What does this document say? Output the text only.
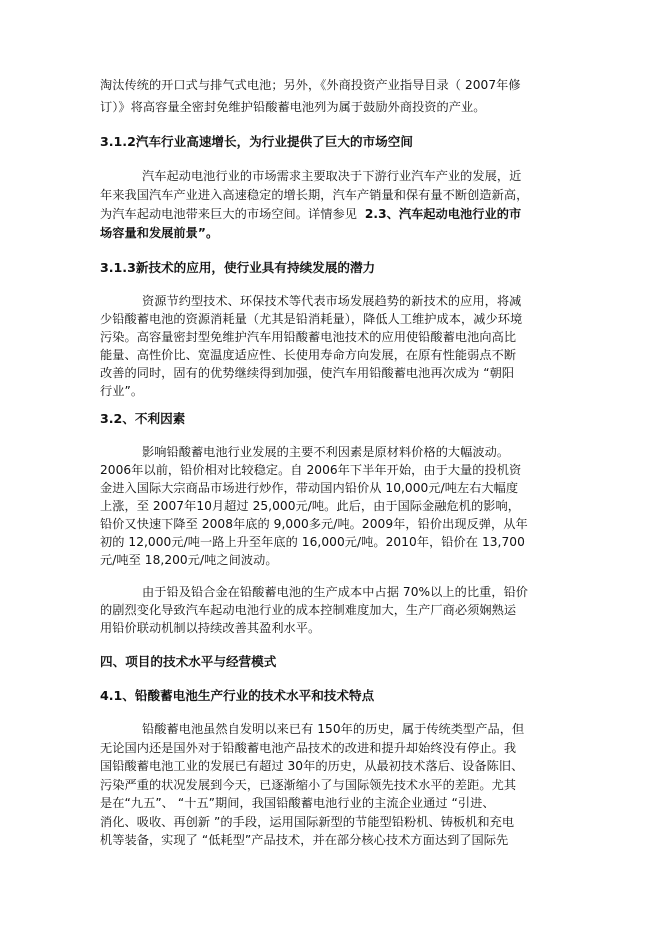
淘汰传统的开口式与排气式电池；另外，《外商投资产业指导目录（ 2007年修
订）》将高容量全密封免维护铅酸蓄电池列为属于鼓励外商投资的产业。
3.1.2汽车行业高速增长，为行业提供了巨大的市场空间
汽车起动电池行业的市场需求主要取决于下游行业汽车产业的发展，近
年来我国汽车产业进入高速稳定的增长期，汽车产销量和保有量不断创造新高，
为汽车起动电池带来巨大的市场空间。详情参见 2.3、汽车起动电池行业的市
场容量和发展前景”。
3.1.3新技术的应用，使行业具有持续发展的潜力
资源节约型技术、环保技术等代表市场发展趋势的新技术的应用，将减
少铅酸蓄电池的资源消耗量（尤其是铅消耗量），降低人工维护成本，减少环境
污染。高容量密封型免维护汽车用铅酸蓄电池技术的应用使铅酸蓄电池向高比
能量、高性价比、宽温度适应性、长使用寿命方向发展，在原有性能弱点不断
改善的同时，固有的优势继续得到加强，使汽车用铅酸蓄电池再次成为 “朝阳
行业”。
3.2、不利因素
影响铅酸蓄电池行业发展的主要不利因素是原材料价格的大幅波动。
2006年以前，铅价相对比较稳定。自 2006年下半年开始，由于大量的投机资
金进入国际大宗商品市场进行炒作，带动国内铅价从 10,000元/吨左右大幅度
上涨，至 2007年10月超过 25,000元/吨。此后，由于国际金融危机的影响，
铅价又快速下降至 2008年底的 9,000多元/吨。2009年，铅价出现反弹，从年
初的 12,000元/吨一路上升至年底的 16,000元/吨。2010年，铅价在 13,700
元/吨至 18,200元/吨之间波动。
由于铅及铅合金在铅酸蓄电池的生产成本中占据 70%以上的比重，铅价
的剧烈变化导致汽车起动电池行业的成本控制难度加大，生产厂商必须娴熟运
用铅价联动机制以持续改善其盈利水平。
四、项目的技术水平与经营模式
4.1、铅酸蓄电池生产行业的技术水平和技术特点
铅酸蓄电池虽然自发明以来已有 150年的历史，属于传统类型产品，但
无论国内还是国外对于铅酸蓄电池产品技术的改进和提升却始终没有停止。我
国铅酸蓄电池工业的发展已有超过 30年的历史，从最初技术落后、设备陈旧、
污染严重的状况发展到今天，已逐渐缩小了与国际领先技术水平的差距。尤其
是在“九五”、 “十五”期间，我国铅酸蓄电池行业的主流企业通过 “引进、
消化、吸收、再创新 ”的手段，运用国际新型的节能型铅粉机、铸板机和充电
机等装备，实现了 “低耗型”产品技术，并在部分核心技术方面达到了国际先
